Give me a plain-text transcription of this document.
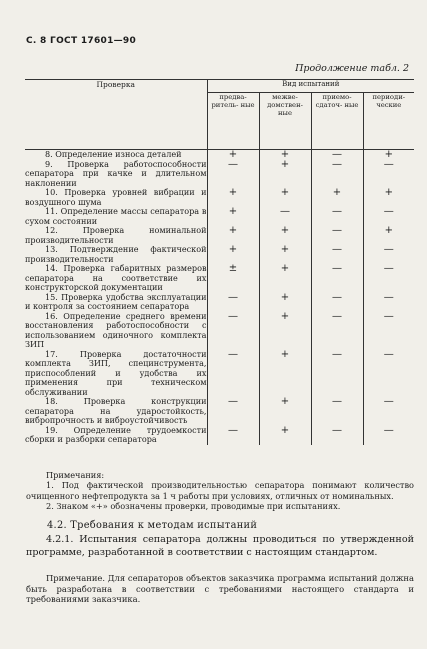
С. 8 ГОСТ 17601—90
Продолжение табл. 2
Проверка	Вид испытаний			
	предва- ритель- ные	межве- домствен- ные	приемо- сдаточ- ные	периоди- ческие

8. Определение износа деталей	+	+	—	+

9. Проверка работоспособности сепаратора при качке и длительном наклонении	—	+	—	—

10. Проверка уровней вибрации и воздушного шума	+	+	+	+

11. Определение массы сепаратора в сухом состоянии	+	—	—	—

12. Проверка номинальной производительности	+	+	—	+

13. Подтверждение фактической производительности	+	+	—	—

14. Проверка габаритных размеров сепаратора на соответствие их конструкторской документации	±	+	—	—

15. Проверка удобства эксплуатации и контроля за состоянием сепаратора	—	+	—	—

16. Определение среднего времени восстановления работоспособности с использованием одиночного комплекта ЗИП	—	+	—	—

17. Проверка достаточности комплекта ЗИП, специнструмента, приспособлений и удобства их применения при техническом обслуживании	—	+	—	—

18. Проверка конструкции сепаратора на ударостойкость, вибропрочность и виброустойчивость	—	+	—	—

19. Определение трудоемкости сборки и разборки сепаратора	—	+	—	—

Примечания:

1. Под фактической производительностью сепаратора понимают количество очищенного нефтепродукта за 1 ч работы при условиях, отличных от номинальных.

2. Знаком «+» обозначены проверки, проводимые при испытаниях.

4.2. Требования к методам испытаний

4.2.1. Испытания сепаратора должны проводиться по утвержденной программе, разработанной в соответствии с настоящим стандартом.

Примечание. Для сепараторов объектов заказчика программа испытаний должна быть разработана в соответствии с требованиями настоящего стандарта и требованиями заказчика.
